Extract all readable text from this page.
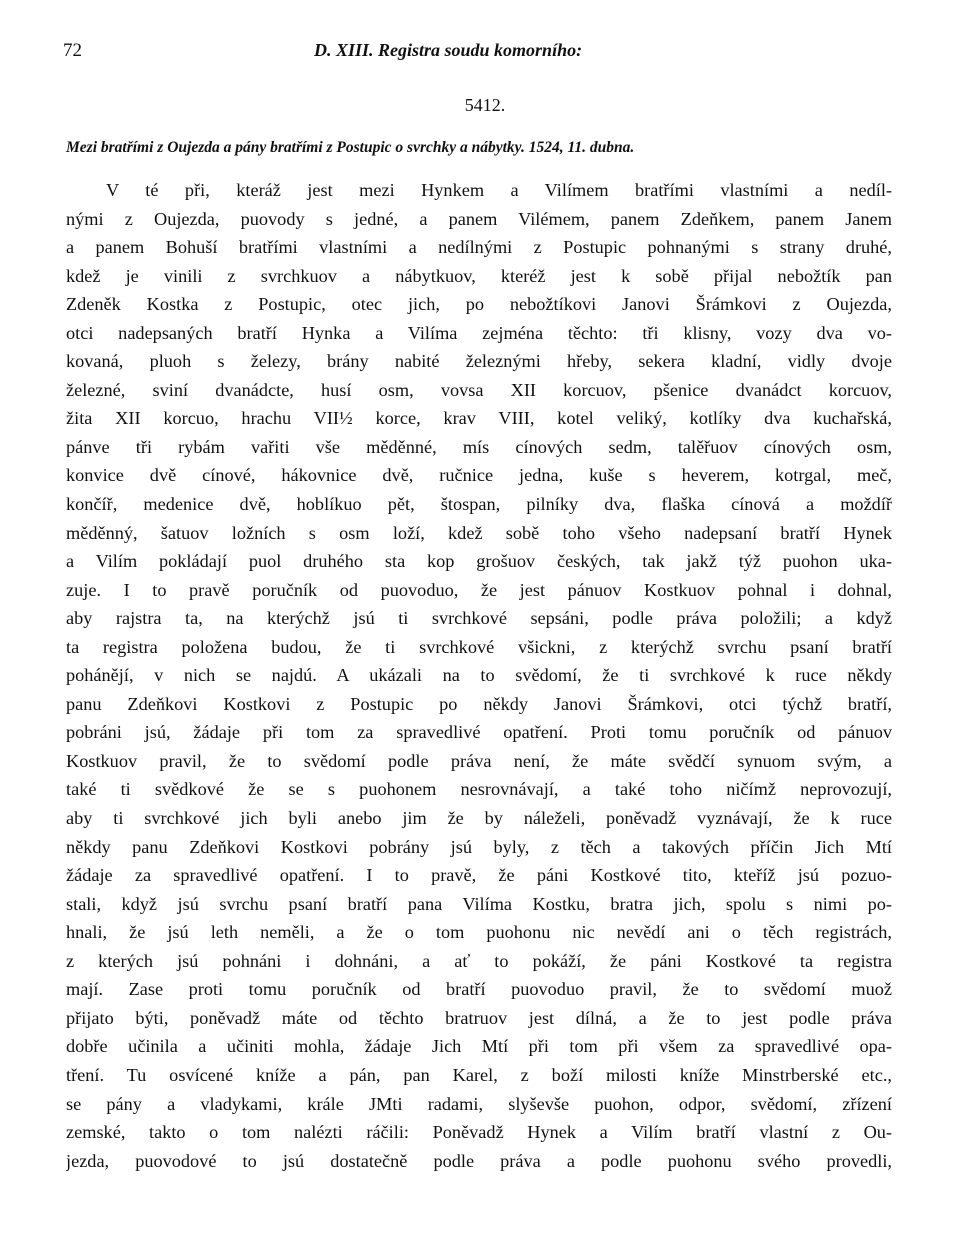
72	D. XIII. Registra soudu komorního:
5412.
Mezi bratřími z Oujezda a pány bratřími z Postupic o svrchky a nábytky. 1524, 11. dubna.
V té při, kteráž jest mezi Hynkem a Vilímem bratřími vlastními a nedíl-
nými z Oujezda, puovody s jedné, a panem Vilémem, panem Zdeňkem, panem Janem
a panem Bohuší bratřími vlastními a nedílnými z Postupic pohnanými s strany druhé,
kdež je vinili z svrchkuov a nábytkuov, kteréž jest k sobě přijal nebožtík pan
Zdeněk Kostka z Postupic, otec jich, po nebožtíkovi Janovi Šrámkovi z Oujezda,
otci nadepsaných bratří Hynka a Vilíma zejména těchto: tři klisny, vozy dva vo-
kovaná, pluoh s železy, brány nabité železnými hřeby, sekera kladní, vidly dvoje
železné, sviní dvanádcte, husí osm, vovsa XII korcuov, pšenice dvanádct korcuov,
žita XII korcuo, hrachu VII½ korce, krav VIII, kotel veliký, kotlíky dva kuchařská,
pánve tři rybám vařiti vše měděnné, mís cínových sedm, talěřuov cínových osm,
konvice dvě cínové, hákovnice dvě, ručnice jedna, kuše s heverem, kotrgal, meč,
končíř, medenice dvě, hoblíkuo pět, štospan, pilníky dva, flaška cínová a moždíř
měděnný, šatuov ložních s osm loží, kdež sobě toho všeho nadepsaní bratří Hynek
a Vilím pokládají puol druhého sta kop grošuov českých, tak jakž týž puohon uka-
zuje. I to pravě poručník od puovoduo, že jest pánuov Kostkuov pohnal i dohnal,
aby rajstra ta, na kterýchž jsú ti svrchkové sepsáni, podle práva položili; a když
ta registra položena budou, že ti svrchkové všickni, z kterýchž svrchu psaní bratří
pohánějí, v nich se najdú. A ukázali na to svědomí, že ti svrchkové k rucе někdy
panu Zdeňkovi Kostkovi z Postupic po někdy Janovi Šrámkovi, otci týchž bratří,
pobráni jsú, žádaje při tom za spravedlivé opatření. Proti tomu poručník od pánuov
Kostkuov pravil, že to svědomí podle práva není, že máte svědčí synuom svým, a
také ti svědkové že se s puohonem nesrovnávají, a také toho ničímž neprovozují,
aby ti svrchkové jich byli anebo jim že by náleželi, poněvadž vyznávají, že k ruce
někdy panu Zdeňkovi Kostkovi pobrány jsú byly, z těch a takových příčin Jich Mtí
žádaje za spravedlivé opatření. I to pravě, že páni Kostkové tito, kteříž jsú pozuo-
stali, když jsú svrchu psaní bratří pana Vilíma Kostku, bratra jich, spolu s nimi po-
hnali, že jsú leth neměli, a že o tom puohonu nic nevědí ani o těch registrách,
z kterých jsú pohnáni i dohnáni, a ať to pokáží, že páni Kostkové ta registra
mají. Zase proti tomu poručník od bratří puovoduo pravil, že to svědomí muož
přijato býti, poněvadž máte od těchto bratruov jest dílná, a že to jest podle práva
dobře učinila a učiniti mohla, žádaje Jich Mtí při tom při všem za spravedlivé opa-
tření. Tu osvícené kníže a pán, pan Karel, z boží milosti kníže Minstrberské etc.,
se pány a vladykami, krále JMti radami, slyševše puohon, odpor, svědomí, zřízení
zemské, takto o tom nalézti ráčili: Poněvadž Hynek a Vilím bratří vlastní z Ou-
jezda, puovodové to jsú dostatečně podle práva a podle puohonu svého provedli,
